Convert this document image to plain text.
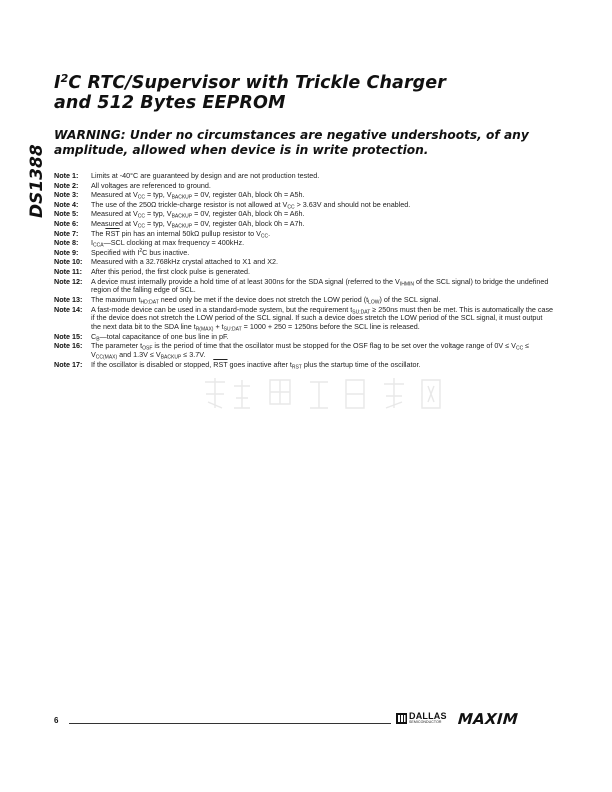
$I^2C$ RTC/Supervisor with Trickle Charger
and 512 Bytes EEPROM
DS1388

WARNING: Under no circumstances are negative undershoots, of any amplitude, allowed when device is in write protection.

Note 1:	Limits at -40°C are guaranteed by design and are not production tested.
Note 2:	All voltages are referenced to ground.
Note 3:	Measured at $V_{CC}$ = typ, $V_{BACKUP} = 0V$, register 0Ah, block 0h = A5h.
Note 4:	The use of the 250Ω trickle-charge resistor is not allowed at $V_{CC} > 3.63V$ and should not be enabled.
Note 5:	Measured at $V_{CC}$ = typ, $V_{BACKUP} = 0V$, register 0Ah, block 0h = A6h.
Note 6:	Measured at $V_{CC}$ = typ, $V_{BACKUP} = 0V$, register 0Ah, block 0h = A7h.
Note 7:	The $\overline{RST}$ pin has an internal 50kΩ pullup resistor to $V_{CC}$.
Note 8:	$I_{CCA}—SCL$ clocking at max frequency = 400kHz.
Note 9:	Specified with $I^2C$ bus inactive.
Note 10:	Measured with a 32.768kHz crystal attached to X1 and X2.
Note 11:	After this period, the first clock pulse is generated.
Note 12:	A device must internally provide a hold time of at least 300ns for the SDA signal (referred to the $V_{IHMIN}$ of the SCL signal) to bridge the undefined region of the falling edge of SCL.
Note 13:	The maximum $t_{HD:DAT}$ need only be met if the device does not stretch the LOW period $(t_{LOW})$ of the SCL signal.
Note 14:	A fast-mode device can be used in a standard-mode system, but the requirement $t_{SU:DAT} \ge 250ns$ must then be met. This is automatically the case if the device does not stretch the LOW period of the SCL signal. If such a device does stretch the LOW period of the SCL signal, it must output the next data bit to the SDA line $t_{R(MAX)} + t_{SU:DAT} = 1000 + 250 = 1250ns$ before the SCL line is released.
Note 15:	$C_B—total$ capacitance of one bus line in pF.
Note 16:	The parameter $t_{OSF}$ is the period of time that the oscillator must be stopped for the OSF flag to be set over the voltage range of $0V \le V_{CC} \le V_{CC(MAX)}$ and $1.3V \le V_{BACKUP} \le 3.7V$.
Note 17:	If the oscillator is disabled or stopped, $\overline{RST}$ goes inactive after $t_{RST}$ plus the startup time of the oscillator.
6	DALLAS
SEMICONDUCTOR MAXIM
